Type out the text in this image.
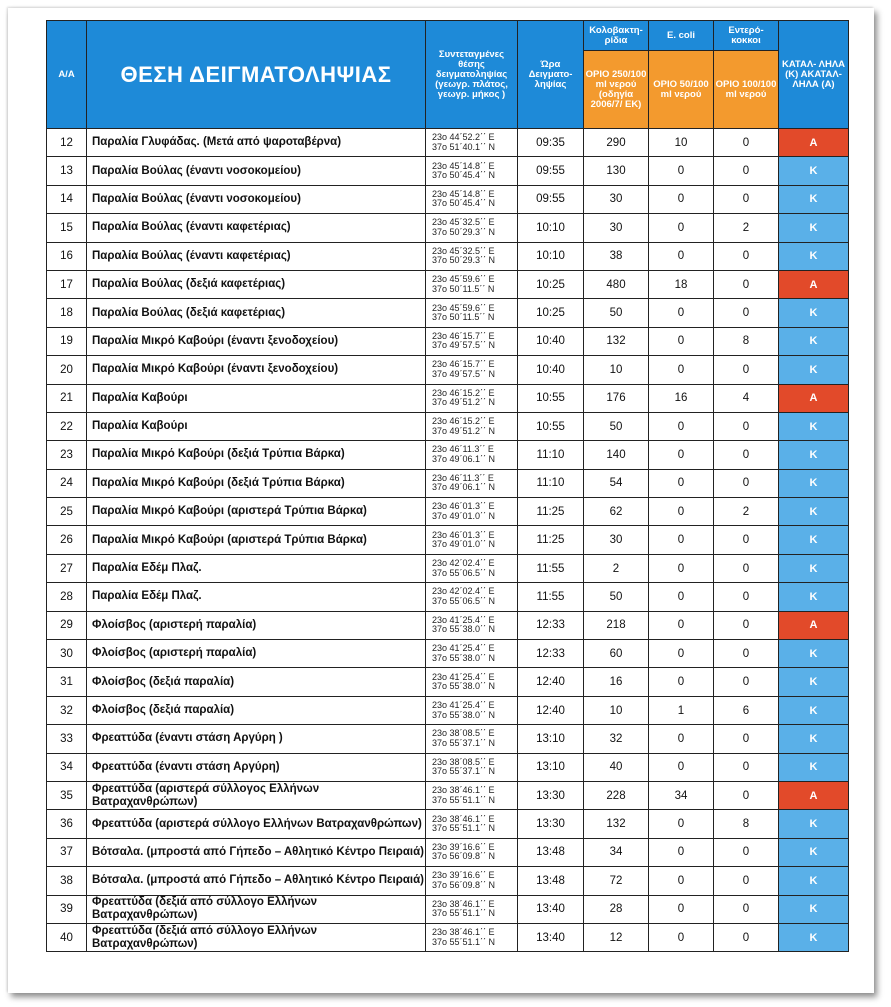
Α/Α	ΘΕΣΗ ΔΕΙΓΜΑΤΟΛΗΨΙΑΣ	Συντεταγμένες θέσης δειγματοληψίας (γεωγρ. πλάτος, γεωγρ. μήκος )	Ώρα Δειγματο- ληψίας	Κολοβακτη- ρίδια	E. coli	Εντερό- κοκκοι	ΚΑΤΑΛ- ΛΗΛΑ (Κ) ΑΚΑΤΑΛ- ΛΗΛΑ (Α)
				ΟΡΙΟ 250/100 ml νερού (οδηγία 2006/7/ ΕΚ)	ΟΡΙΟ 50/100 ml νερού	ΟΡΙΟ 100/100 ml νερού	
12	Παραλία Γλυφάδας. (Μετά από ψαροταβέρνα)	23ο 44΄52.2΄΄ Ε
37ο 51΄40.1΄΄ Ν	09:35	290	10	0	Α
13	Παραλία Βούλας (έναντι νοσοκομείου)	23ο 45΄14.8΄΄ Ε
37ο 50΄45.4΄΄ Ν	09:55	130	0	0	Κ
14	Παραλία Βούλας (έναντι νοσοκομείου)	23ο 45΄14.8΄΄ Ε
37ο 50΄45.4΄΄ Ν	09:55	30	0	0	Κ
15	Παραλία Βούλας (έναντι καφετέριας)	23ο 45΄32.5΄΄ Ε
37ο 50΄29.3΄΄ Ν	10:10	30	0	2	Κ
16	Παραλία Βούλας (έναντι καφετέριας)	23ο 45΄32.5΄΄ Ε
37ο 50΄29.3΄΄ Ν	10:10	38	0	0	Κ
17	Παραλία Βούλας (δεξιά καφετέριας)	23ο 45΄59.6΄΄ Ε
37ο 50΄11.5΄΄ Ν	10:25	480	18	0	Α
18	Παραλία Βούλας (δεξιά καφετέριας)	23ο 45΄59.6΄΄ Ε
37ο 50΄11.5΄΄ Ν	10:25	50	0	0	Κ
19	Παραλία Μικρό Καβούρι (έναντι ξενοδοχείου)	23ο 46΄15.7΄΄ Ε
37ο 49΄57.5΄΄ Ν	10:40	132	0	8	Κ
20	Παραλία Μικρό Καβούρι (έναντι ξενοδοχείου)	23ο 46΄15.7΄΄ Ε
37ο 49΄57.5΄΄ Ν	10:40	10	0	0	Κ
21	Παραλία Καβούρι	23ο 46΄15.2΄΄ Ε
37ο 49΄51.2΄΄ Ν	10:55	176	16	4	Α
22	Παραλία Καβούρι	23ο 46΄15.2΄΄ Ε
37ο 49΄51.2΄΄ Ν	10:55	50	0	0	Κ
23	Παραλία Μικρό Καβούρι (δεξιά Τρύπια Βάρκα)	23ο 46΄11.3΄΄ Ε
37ο 49΄06.1΄΄ Ν	11:10	140	0	0	Κ
24	Παραλία Μικρό Καβούρι (δεξιά Τρύπια Βάρκα)	23ο 46΄11.3΄΄ Ε
37ο 49΄06.1΄΄ Ν	11:10	54	0	0	Κ
25	Παραλία Μικρό Καβούρι (αριστερά Τρύπια Βάρκα)	23ο 46΄01.3΄΄ Ε
37ο 49΄01.0΄΄ Ν	11:25	62	0	2	Κ
26	Παραλία Μικρό Καβούρι (αριστερά Τρύπια Βάρκα)	23ο 46΄01.3΄΄ Ε
37ο 49΄01.0΄΄ Ν	11:25	30	0	0	Κ
27	Παραλία Εδέμ Πλαζ.	23ο 42΄02.4΄΄ Ε
37ο 55΄06.5΄΄ Ν	11:55	2	0	0	Κ
28	Παραλία Εδέμ Πλαζ.	23ο 42΄02.4΄΄ Ε
37ο 55΄06.5΄΄ Ν	11:55	50	0	0	Κ
29	Φλοίσβος (αριστερή παραλία)	23ο 41΄25.4΄΄ Ε
37ο 55΄38.0΄΄ Ν	12:33	218	0	0	Α
30	Φλοίσβος (αριστερή παραλία)	23ο 41΄25.4΄΄ Ε
37ο 55΄38.0΄΄ Ν	12:33	60	0	0	Κ
31	Φλοίσβος (δεξιά παραλία)	23ο 41΄25.4΄΄ Ε
37ο 55΄38.0΄΄ Ν	12:40	16	0	0	Κ
32	Φλοίσβος (δεξιά παραλία)	23ο 41΄25.4΄΄ Ε
37ο 55΄38.0΄΄ Ν	12:40	10	1	6	Κ
33	Φρεαττύδα (έναντι στάση Αργύρη )	23ο 38΄08.5΄΄ Ε
37ο 55΄37.1΄΄ Ν	13:10	32	0	0	Κ
34	Φρεαττύδα (έναντι στάση Αργύρη)	23ο 38΄08.5΄΄ Ε
37ο 55΄37.1΄΄ Ν	13:10	40	0	0	Κ
35	Φρεαττύδα (αριστερά σύλλογος Ελλήνων Βατραχανθρώπων)	23ο 38΄46.1΄΄ Ε
37ο 55΄51.1΄΄ Ν	13:30	228	34	0	Α
36	Φρεαττύδα (αριστερά σύλλογο Ελλήνων Βατραχανθρώπων)	23ο 38΄46.1΄΄ Ε
37ο 55΄51.1΄΄ Ν	13:30	132	0	8	Κ
37	Βότσαλα. (μπροστά από Γήπεδο – Αθλητικό Κέντρο Πειραιά)	23ο 39΄16.6΄΄ Ε
37ο 56΄09.8΄΄ Ν	13:48	34	0	0	Κ
38	Βότσαλα. (μπροστά από Γήπεδο – Αθλητικό Κέντρο Πειραιά)	23ο 39΄16.6΄΄ Ε
37ο 56΄09.8΄΄ Ν	13:48	72	0	0	Κ
39	Φρεαττύδα (δεξιά από σύλλογο Ελλήνων Βατραχανθρώπων)	23ο 38΄46.1΄΄ Ε
37ο 55΄51.1΄΄ Ν	13:40	28	0	0	Κ
40	Φρεαττύδα (δεξιά από σύλλογο Ελλήνων Βατραχανθρώπων)	23ο 38΄46.1΄΄ Ε
37ο 55΄51.1΄΄ Ν	13:40	12	0	0	Κ
